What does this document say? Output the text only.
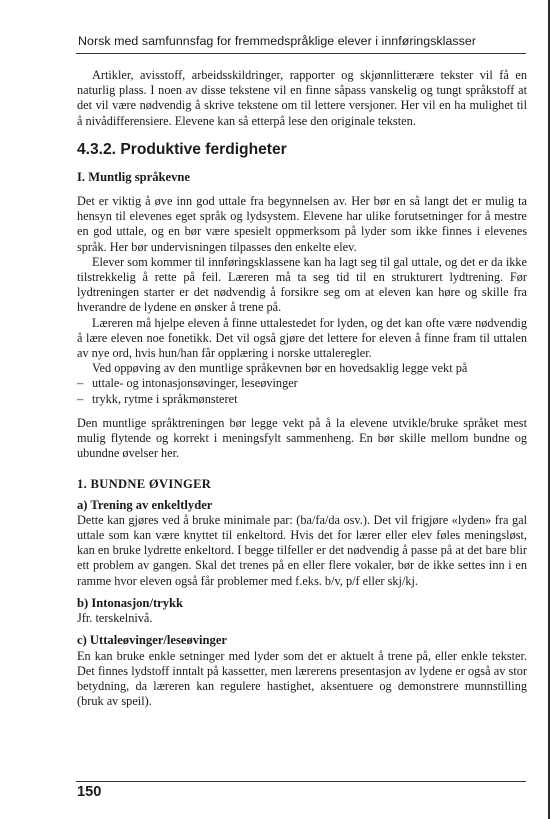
Norsk med samfunnsfag for fremmedspråklige elever i innføringsklasser

Artikler, avisstoff, arbeidsskildringer, rapporter og skjønnlitterære tekster vil få en naturlig plass. I noen av disse tekstene vil en finne såpass vanskelig og tungt språkstoff at det vil være nødvendig å skrive tekstene om til lettere versjoner. Her vil en ha mulighet til å nivådifferensiere. Elevene kan så etterpå lese den originale teksten.

4.3.2. Produktive ferdigheter
I. Muntlig språkevne

Det er viktig å øve inn god uttale fra begynnelsen av. Her bør en så langt det er mulig ta hensyn til elevenes eget språk og lydsystem. Elevene har ulike forutsetninger for å mestre en god uttale, og en bør være spesielt oppmerksom på lyder som ikke finnes i elevenes språk. Her bør undervisningen tilpasses den enkelte elev.

Elever som kommer til innføringsklassene kan ha lagt seg til gal uttale, og det er da ikke tilstrekkelig å rette på feil. Læreren må ta seg tid til en strukturert lydtrening. Før lydtreningen starter er det nødvendig å forsikre seg om at eleven kan høre og skille fra hverandre de lydene en ønsker å trene på.

Læreren må hjelpe eleven å finne uttalestedet for lyden, og det kan ofte være nødvendig å lære eleven noe fonetikk. Det vil også gjøre det lettere for eleven å finne fram til uttalen av nye ord, hvis hun/han får opplæring i norske uttaleregler.

Ved oppøving av den muntlige språkevnen bør en hovedsaklig legge vekt på

– uttale- og intonasjonsøvinger, leseøvinger
– trykk, rytme i språkmønsteret

Den muntlige språktreningen bør legge vekt på å la elevene utvikle/bruke språket mest mulig flytende og korrekt i meningsfylt sammenheng. En bør skille mellom bundne og ubundne øvelser her.

1. BUNDNE ØVINGER
a) Trening av enkeltlyder

Dette kan gjøres ved å bruke minimale par: (ba/fa/da osv.). Det vil frigjøre «lyden» fra gal uttale som kan være knyttet til enkeltord. Hvis det for lærer eller elev føles meningsløst, kan en bruke lydrette enkeltord. I begge tilfeller er det nødvendig å passe på at det bare blir ett problem av gangen. Skal det trenes på en eller flere vokaler, bør de ikke settes inn i en ramme hvor eleven også får problemer med f.eks. b/v, p/f eller skj/kj.

b) Intonasjon/trykk

Jfr. terskelnivå.

c) Uttaleøvinger/leseøvinger

En kan bruke enkle setninger med lyder som det er aktuelt å trene på, eller enkle tekster. Det finnes lydstoff inntalt på kassetter, men lærerens presentasjon av lydene er også av stor betydning, da læreren kan regulere hastighet, aksentuere og demonstrere munnstilling (bruk av speil).

150
